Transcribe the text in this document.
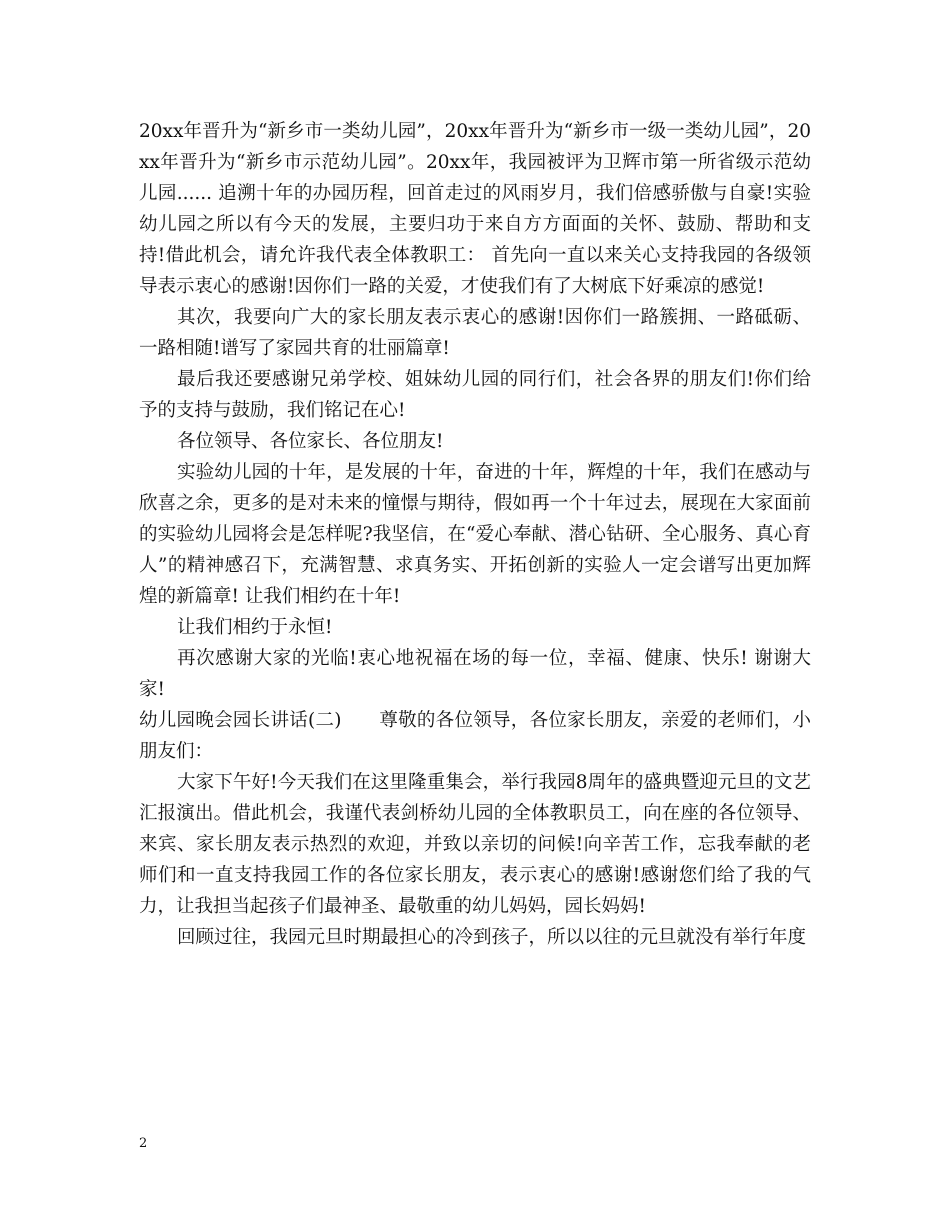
20xx年晋升为“新乡市一类幼儿园”，20xx年晋升为“新乡市一级一类幼儿园”，20xx年晋升为“新乡市示范幼儿园”。20xx年，我园被评为卫辉市第一所省级示范幼儿园...... 追溯十年的办园历程，回首走过的风雨岁月，我们倍感骄傲与自豪!实验幼儿园之所以有今天的发展，主要归功于来自方方面面的关怀、鼓励、帮助和支持!借此机会，请允许我代表全体教职工： 首先向一直以来关心支持我园的各级领导表示衷心的感谢!因你们一路的关爱，才使我们有了大树底下好乘凉的感觉!

其次，我要向广大的家长朋友表示衷心的感谢!因你们一路簇拥、一路砥砺、一路相随!谱写了家园共育的壮丽篇章!

最后我还要感谢兄弟学校、姐妹幼儿园的同行们，社会各界的朋友们!你们给予的支持与鼓励，我们铭记在心!

各位领导、各位家长、各位朋友!

实验幼儿园的十年，是发展的十年，奋进的十年，辉煌的十年，我们在感动与欣喜之余，更多的是对未来的憧憬与期待，假如再一个十年过去，展现在大家面前的实验幼儿园将会是怎样呢?我坚信，在“爱心奉献、潜心钻研、全心服务、真心育人”的精神感召下，充满智慧、求真务实、开拓创新的实验人一定会谱写出更加辉煌的新篇章! 让我们相约在十年!

让我们相约于永恒!

再次感谢大家的光临!衷心地祝福在场的每一位，幸福、健康、快乐! 谢谢大家!

幼儿园晚会园长讲话(二)　　尊敬的各位领导，各位家长朋友，亲爱的老师们，小朋友们：

大家下午好!今天我们在这里隆重集会，举行我园8周年的盛典暨迎元旦的文艺汇报演出。借此机会，我谨代表剑桥幼儿园的全体教职员工，向在座的各位领导、来宾、家长朋友表示热烈的欢迎，并致以亲切的问候!向辛苦工作，忘我奉献的老师们和一直支持我园工作的各位家长朋友，表示衷心的感谢!感谢您们给了我的气力，让我担当起孩子们最神圣、最敬重的幼儿妈妈，园长妈妈!

回顾过往，我园元旦时期最担心的冷到孩子，所以以往的元旦就没有举行年度

2
